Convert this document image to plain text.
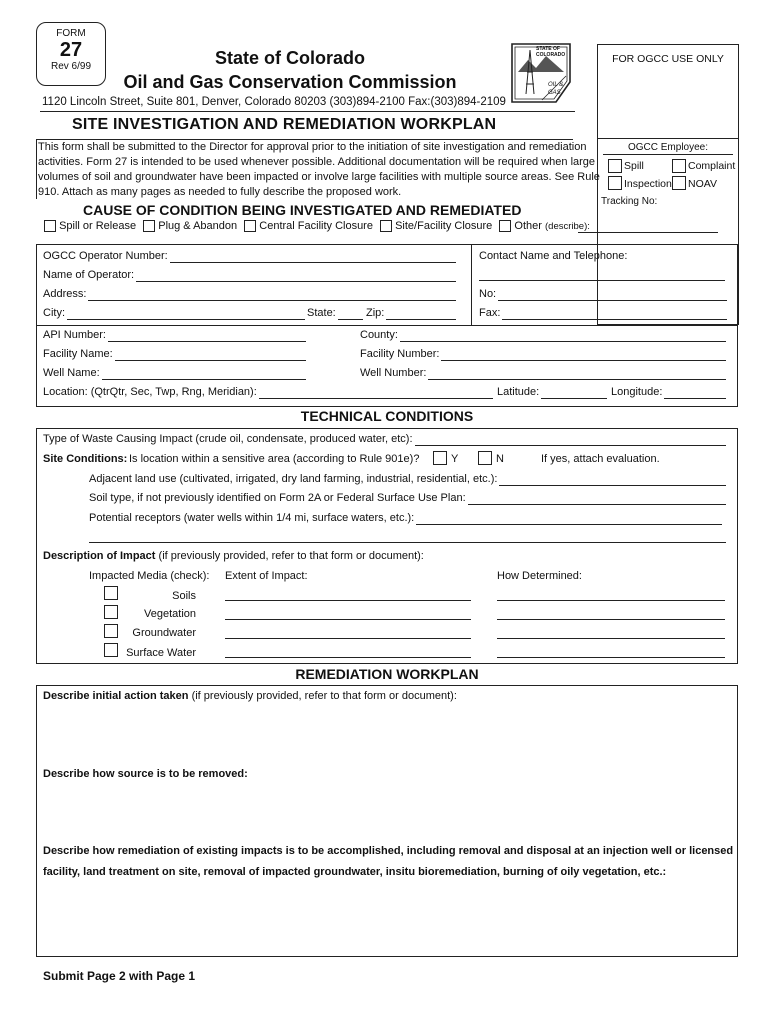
FORM
27
Rev 6/99	State of Colorado
Oil and Gas Conservation Commission
1120 Lincoln Street, Suite 801, Denver, Colorado 80203 (303)894-2100 Fax:(303)894-2109
STATE OF
COLORADO
OIL &
GAS
SITE INVESTIGATION AND REMEDIATION WORKPLAN
FOR OGCC USE ONLY
OGCC Employee:
Spill	Complaint
Inspection NOAV
Tracking No:
This form shall be submitted to the Director for approval prior to the initiation of site investigation and remediation
activities. Form 27 is intended to be used whenever possible. Additional documentation will be required when large
volumes of soil and groundwater have been impacted or involve large facilities with multiple source areas. See Rule
910. Attach as many pages as needed to fully describe the proposed work.
CAUSE OF CONDITION BEING INVESTIGATED AND REMEDIATED
Spill or Release Plug & Abandon Central Facility Closure Site/Facility Closure Other (describe):
OGCC Operator Number:
Name of Operator:
Address:
City:	State:	Zip:
Contact Name and Telephone:
No:
Fax:
API Number:	County:
Facility Name:	Facility Number:
Well Name:	Well Number:
Location: (QtrQtr, Sec, Twp, Rng, Meridian):	Latitude:	Longitude:
TECHNICAL CONDITIONS
Type of Waste Causing Impact (crude oil, condensate, produced water, etc):
Site Conditions: Is location within a sensitive area (according to Rule 901e)?	Y	N	If yes, attach evaluation.
Adjacent land use (cultivated, irrigated, dry land farming, industrial, residential, etc.):
Soil type, if not previously identified on Form 2A or Federal Surface Use Plan:
Potential receptors (water wells within 1/4 mi, surface waters, etc.):
Description of Impact (if previously provided, refer to that form or document):
Impacted Media (check): Extent of Impact:	How Determined:
Soils
Vegetation
Groundwater
Surface Water
REMEDIATION WORKPLAN
Describe initial action taken (if previously provided, refer to that form or document):
Describe how source is to be removed:
Describe how remediation of existing impacts is to be accomplished, including removal and disposal at an injection well or licensed
facility, land treatment on site, removal of impacted groundwater, insitu bioremediation, burning of oily vegetation, etc.:
Submit Page 2 with Page 1
